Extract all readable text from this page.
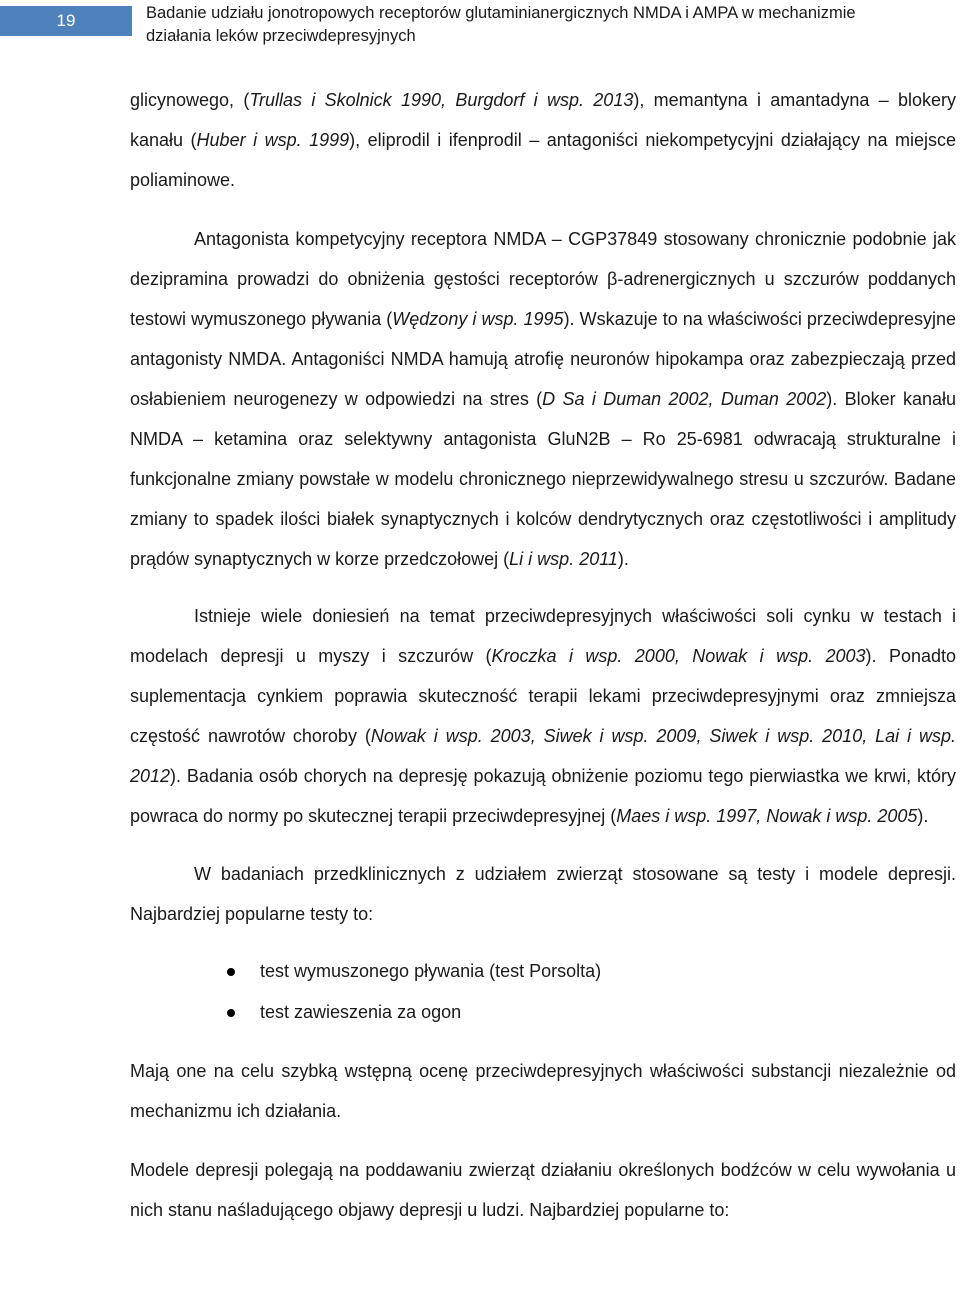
19	Badanie udziału jonotropowych receptorów glutaminianergicznych NMDA i AMPA w mechanizmie
działania leków przeciwdepresyjnych

glicynowego, (Trullas i Skolnick 1990, Burgdorf i wsp. 2013), memantyna i amantadyna – blokery kanału (Huber i wsp. 1999), eliprodil i ifenprodil – antagoniści niekompetycyjni działający na miejsce poliaminowe.

Antagonista kompetycyjny receptora NMDA – CGP37849 stosowany chronicznie podobnie jak dezipramina prowadzi do obniżenia gęstości receptorów β-adrenergicznych u szczurów poddanych testowi wymuszonego pływania (Wędzony i wsp. 1995). Wskazuje to na właściwości przeciwdepresyjne antagonisty NMDA. Antagoniści NMDA hamują atrofię neuronów hipokampa oraz zabezpieczają przed osłabieniem neurogenezy w odpowiedzi na stres (D Sa i Duman 2002, Duman 2002). Bloker kanału NMDA – ketamina oraz selektywny antagonista GluN2B – Ro 25-6981 odwracają strukturalne i funkcjonalne zmiany powstałe w modelu chronicznego nieprzewidywalnego stresu u szczurów. Badane zmiany to spadek ilości białek synaptycznych i kolców dendrytycznych oraz częstotliwości i amplitudy prądów synaptycznych w korze przedczołowej (Li i wsp. 2011).

Istnieje wiele doniesień na temat przeciwdepresyjnych właściwości soli cynku w testach i modelach depresji u myszy i szczurów (Kroczka i wsp. 2000, Nowak i wsp. 2003). Ponadto suplementacja cynkiem poprawia skuteczność terapii lekami przeciwdepresyjnymi oraz zmniejsza częstość nawrotów choroby (Nowak i wsp. 2003, Siwek i wsp. 2009, Siwek i wsp. 2010, Lai i wsp. 2012). Badania osób chorych na depresję pokazują obniżenie poziomu tego pierwiastka we krwi, który powraca do normy po skutecznej terapii przeciwdepresyjnej (Maes i wsp. 1997, Nowak i wsp. 2005).

W badaniach przedklinicznych z udziałem zwierząt stosowane są testy i modele depresji. Najbardziej popularne testy to:

test wymuszonego pływania (test Porsolta)
test zawieszenia za ogon

Mają one na celu szybką wstępną ocenę przeciwdepresyjnych właściwości substancji niezależnie od mechanizmu ich działania.

Modele depresji polegają na poddawaniu zwierząt działaniu określonych bodźców w celu wywołania u nich stanu naśladującego objawy depresji u ludzi. Najbardziej popularne to:
